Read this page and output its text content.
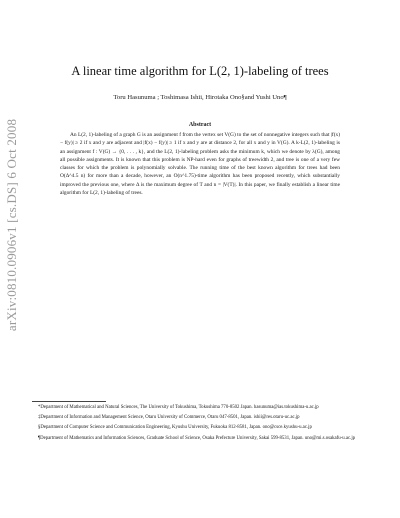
arXiv:0810.0906v1 [cs.DS] 6 Oct 2008
A linear time algorithm for L(2, 1)-labeling of trees
Toru Hasunuma ; Toshimasa Ishii, Hirotaka Ono§and Yushi Uno¶
Abstract

An L(2, 1)-labeling of a graph G is an assignment f from the vertex set V(G) to the set of nonnegative integers such that |f(x) − f(y)| ≥ 2 if x and y are adjacent and |f(x) − f(y)| ≥ 1 if x and y are at distance 2, for all x and y in V(G). A k-L(2, 1)-labeling is an assignment f : V(G) → {0, . . . , k}, and the L(2, 1)-labeling problem asks the minimum k, which we denote by λ(G), among all possible assignments. It is known that this problem is NP-hard even for graphs of treewidth 2, and tree is one of a very few classes for which the problem is polynomially solvable. The running time of the best known algorithm for trees had been O(Δ^4.5 n) for more than a decade, however, an O(n^1.75)-time algorithm has been proposed recently, which substantially improved the previous one, where Δ is the maximum degree of T and n = |V(T)|. In this paper, we finally establish a linear time algorithm for L(2, 1)-labeling of trees.

*Department of Mathematical and Natural Sciences, The University of Tokushima, Tokushima 770-8502 Japan. hasunuma@ias.tokushima-u.ac.jp

‡Department of Information and Management Science, Otaru University of Commerce, Otaru 047-8501, Japan. ishii@res.otaru-uc.ac.jp

§Department of Computer Science and Communication Engineering, Kyushu University, Fukuoka 812-8581, Japan. ono@csce.kyushu-u.ac.jp

¶Department of Mathematics and Information Sciences, Graduate School of Science, Osaka Prefecture University, Sakai 599-8531, Japan. uno@mi.s.osakafu-u.ac.jp
